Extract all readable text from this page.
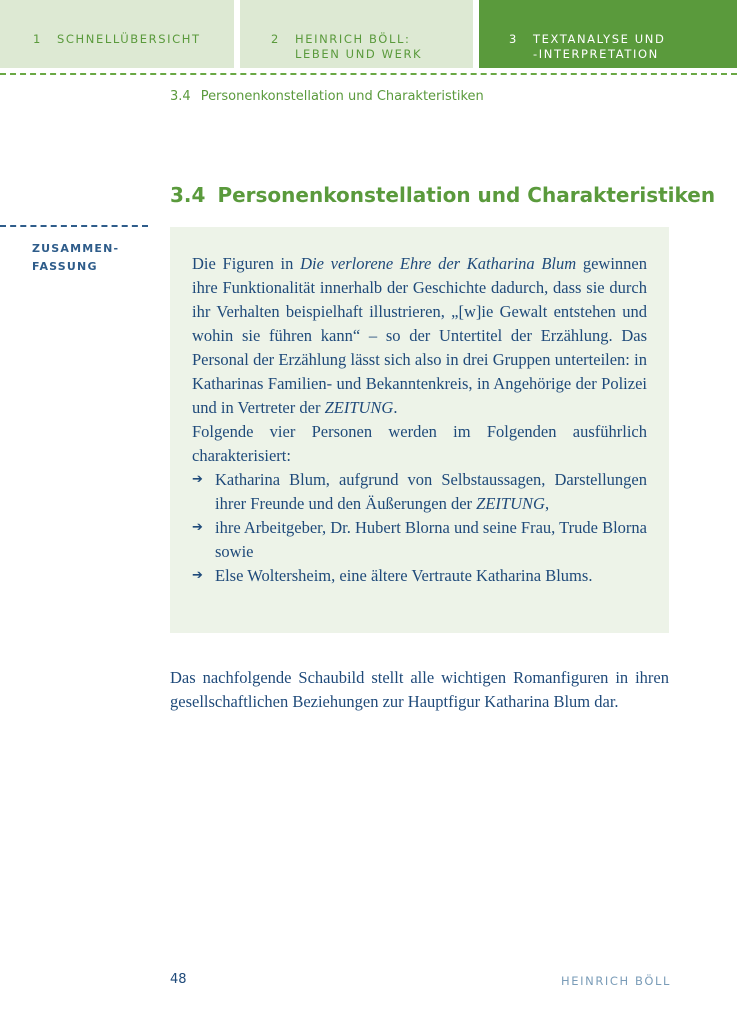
1 SCHNELLÜBERSICHT	2 HEINRICH BÖLL:
LEBEN UND WERK
3 TEXTANALYSE UND
-INTERPRETATION
3.4 Personenkonstellation und Charakteristiken
3.4 Personenkonstellation und Charakteristiken
ZUSAMMEN-
FASSUNG	Die Figuren in Die verlorene Ehre der Katharina Blum gewinnen ihre Funktionalität innerhalb der Geschichte dadurch, dass sie durch ihr Verhalten beispielhaft illustrieren, „[w]ie Gewalt entstehen und wohin sie führen kann“ – so der Untertitel der Erzählung. Das Personal der Erzählung lässt sich also in drei Gruppen unterteilen: in Katharinas Familien- und Bekanntenkreis, in Angehörige der Polizei und in Vertreter der ZEITUNG.

Folgende vier Personen werden im Folgenden ausführlich charakterisiert:

➔ Katharina Blum, aufgrund von Selbstaussagen, Darstellungen ihrer Freunde und den Äußerungen der ZEITUNG,
➔ ihre Arbeitgeber, Dr. Hubert Blorna und seine Frau, Trude Blorna sowie
➔ Else Woltersheim, eine ältere Vertraute Katharina Blums.

Das nachfolgende Schaubild stellt alle wichtigen Romanfiguren in ihren gesellschaftlichen Beziehungen zur Hauptfigur Katharina Blum dar.

48	HEINRICH BÖLL
